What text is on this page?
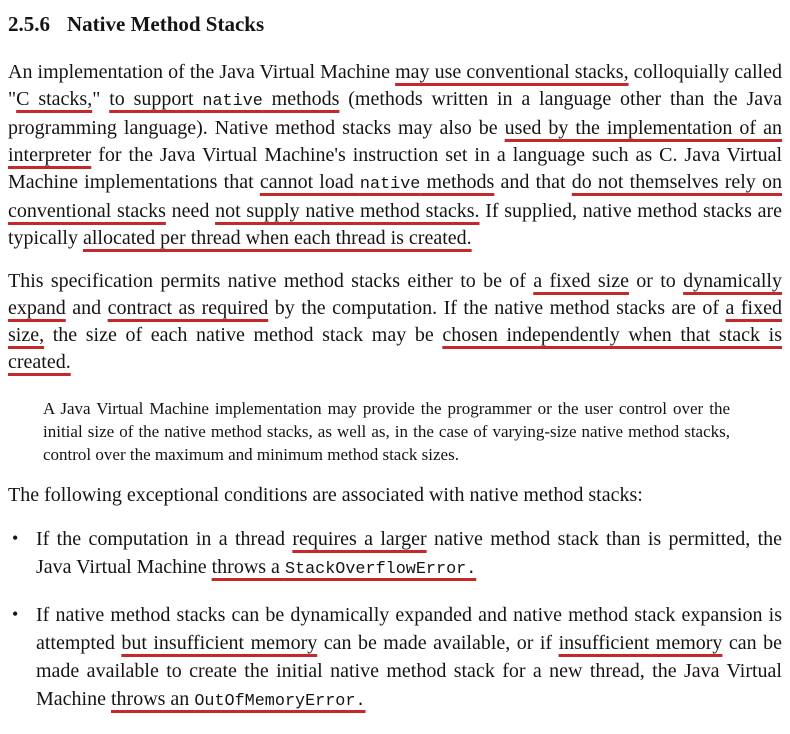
2.5.6 Native Method Stacks

An implementation of the Java Virtual Machine may use conventional stacks, colloquially called "C stacks," to support native methods (methods written in a language other than the Java programming language). Native method stacks may also be used by the implementation of an interpreter for the Java Virtual Machine's instruction set in a language such as C. Java Virtual Machine implementations that cannot load native methods and that do not themselves rely on conventional stacks need not supply native method stacks. If supplied, native method stacks are typically allocated per thread when each thread is created.

This specification permits native method stacks either to be of a fixed size or to dynamically expand and contract as required by the computation. If the native method stacks are of a fixed size, the size of each native method stack may be chosen independently when that stack is created.

A Java Virtual Machine implementation may provide the programmer or the user control over the initial size of the native method stacks, as well as, in the case of varying-size native method stacks, control over the maximum and minimum method stack sizes.

The following exceptional conditions are associated with native method stacks:

• If the computation in a thread requires a larger native method stack than is permitted, the Java Virtual Machine throws a StackOverflowError.
• If native method stacks can be dynamically expanded and native method stack expansion is attempted but insufficient memory can be made available, or if insufficient memory can be made available to create the initial native method stack for a new thread, the Java Virtual Machine throws an OutOfMemoryError.
